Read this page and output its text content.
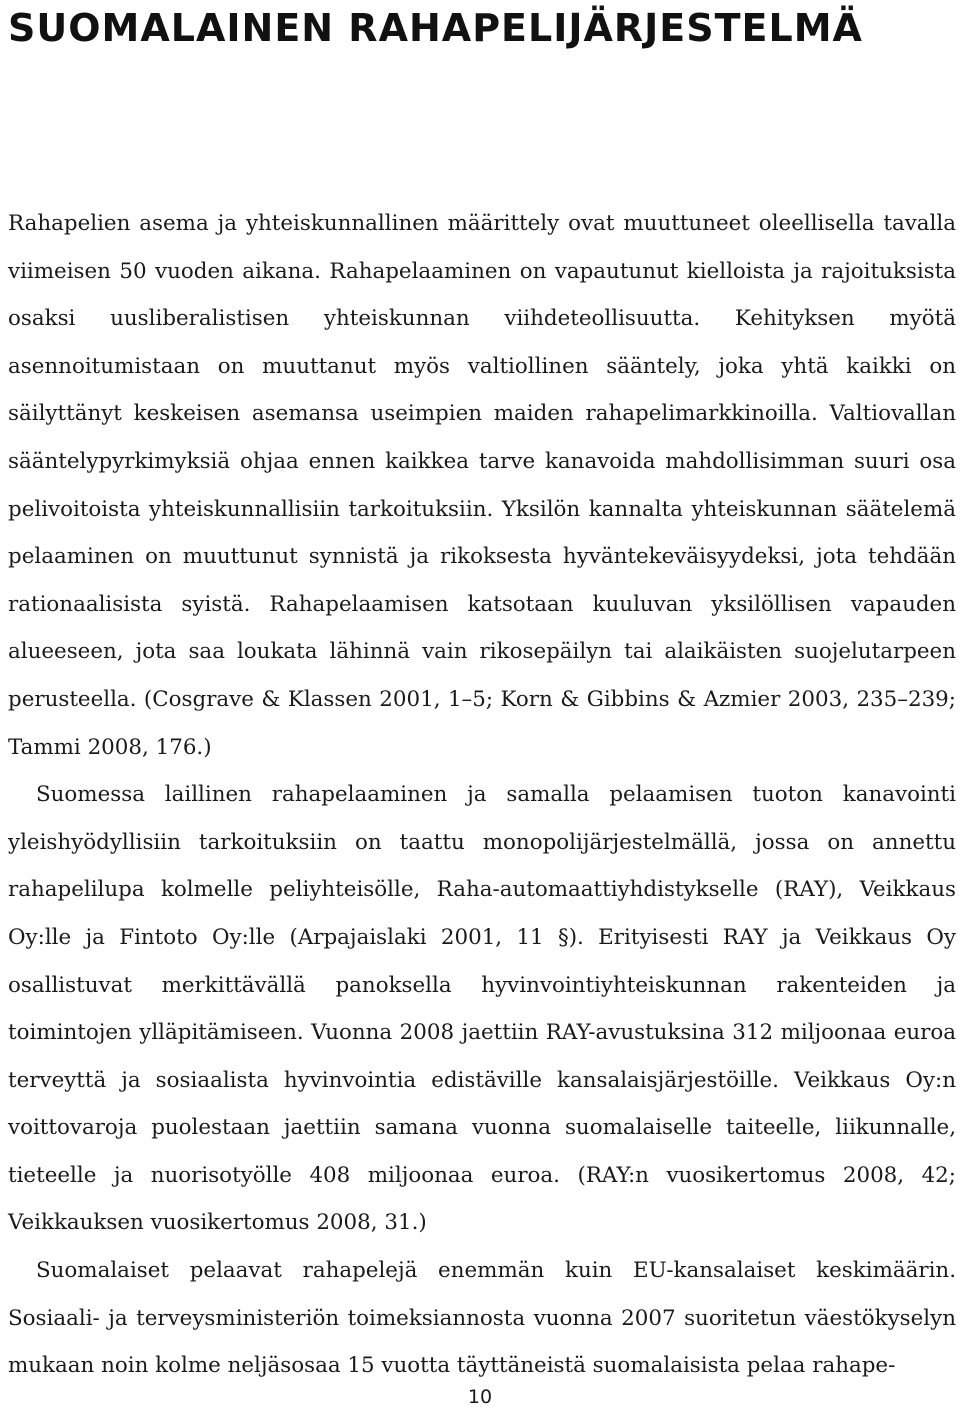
SUOMALAINEN RAHAPELIJÄRJESTELMÄ

Rahapelien asema ja yhteiskunnallinen määrittely ovat muuttuneet oleellisella tavalla viimeisen 50 vuoden aikana. Rahapelaaminen on vapautunut kielloista ja rajoituksista osaksi uusliberalistisen yhteiskunnan viihdeteollisuutta. Kehityksen myötä asennoitumistaan on muuttanut myös valtiollinen sääntely, joka yhtä kaikki on säilyttänyt keskeisen asemansa useimpien maiden rahapelimarkkinoilla. Valtiovallan sääntelypyrkimyksiä ohjaa ennen kaikkea tarve kanavoida mahdollisimman suuri osa pelivoitoista yhteiskunnallisiin tarkoituksiin. Yksilön kannalta yhteiskunnan säätelemä pelaaminen on muuttunut synnistä ja rikoksesta hyväntekeväisyydeksi, jota tehdään rationaalisista syistä. Rahapelaamisen katsotaan kuuluvan yksilöllisen vapauden alueeseen, jota saa loukata lähinnä vain rikosepäilyn tai alaikäisten suojelutarpeen perusteella. (Cosgrave & Klassen 2001, 1–5; Korn & Gibbins & Azmier 2003, 235–239; Tammi 2008, 176.)

Suomessa laillinen rahapelaaminen ja samalla pelaamisen tuoton kanavointi yleishyödyllisiin tarkoituksiin on taattu monopolijärjestelmällä, jossa on annettu rahapelilupa kolmelle peliyhteisölle, Raha-automaattiyhdistykselle (RAY), Veikkaus Oy:lle ja Fintoto Oy:lle (Arpajaislaki 2001, 11 §). Erityisesti RAY ja Veikkaus Oy osallistuvat merkittävällä panoksella hyvinvointiyhteiskunnan rakenteiden ja toimintojen ylläpitämiseen. Vuonna 2008 jaettiin RAY-avustuksina 312 miljoonaa euroa terveyttä ja sosiaalista hyvinvointia edistäville kansalaisjärjestöille. Veikkaus Oy:n voittovaroja puolestaan jaettiin samana vuonna suomalaiselle taiteelle, liikunnalle, tieteelle ja nuorisotyölle 408 miljoonaa euroa. (RAY:n vuosikertomus 2008, 42; Veikkauksen vuosikertomus 2008, 31.)

Suomalaiset pelaavat rahapelejä enemmän kuin EU-kansalaiset keskimäärin. Sosiaali- ja terveysministeriön toimeksiannosta vuonna 2007 suoritetun väestökyselyn mukaan noin kolme neljäsosaa 15 vuotta täyttäneistä suomalaisista pelaa rahape-

10
